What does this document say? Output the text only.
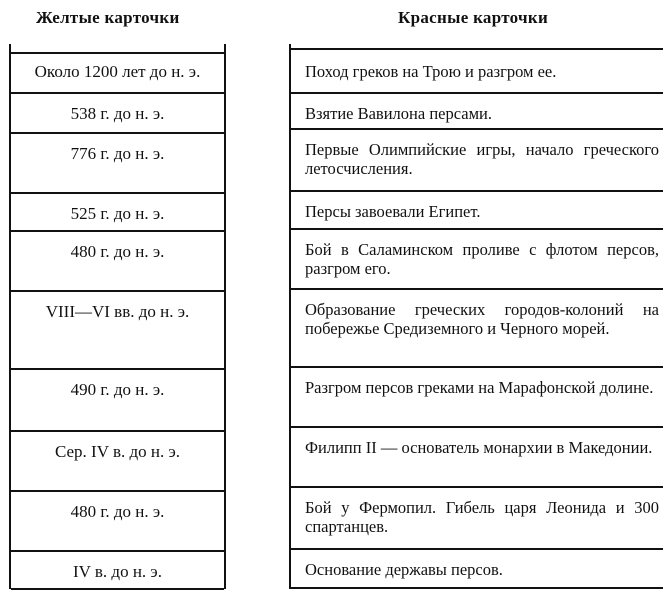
Желтые карточки	Красные карточки
Около 1200 лет до н. э.
538 г. до н. э.
776 г. до н. э.
525 г. до н. э.
480 г. до н. э.
VIII—VI вв. до н. э.
490 г. до н. э.
Сер. IV в. до н. э.
480 г. до н. э.
IV в. до н. э.
Поход греков на Трою и разгром ее.
Взятие Вавилона персами.
Первые Олимпийские игры, начало греческого летосчисления.
Персы завоевали Египет.
Бой в Саламинском проливе с флотом персов, разгром его.
Образование греческих городов-колоний на побережье Средиземного и Черного морей.
Разгром персов греками на Марафонской долине.
Филипп II — основатель монархии в Македонии.
Бой у Фермопил. Гибель царя Леонида и 300 спартанцев.
Основание державы персов.
